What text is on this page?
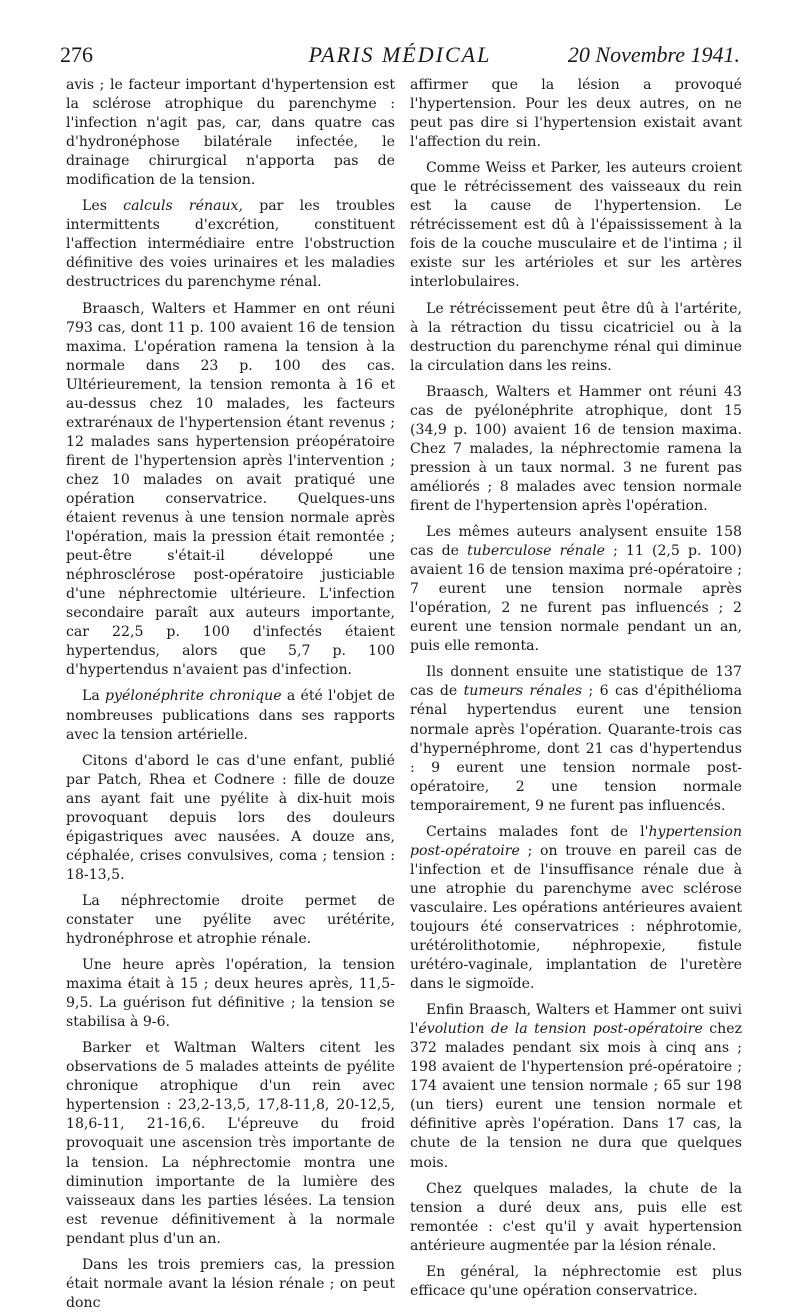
276	PARIS MÉDICAL	20 Novembre 1941.

avis ; le facteur important d'hypertension est la sclérose atrophique du parenchyme : l'infection n'agit pas, car, dans quatre cas d'hydronéphose bilatérale infectée, le drainage chirurgical n'apporta pas de modification de la tension.

Les calculs rénaux, par les troubles intermittents d'excrétion, constituent l'affection intermédiaire entre l'obstruction définitive des voies urinaires et les maladies destructrices du parenchyme rénal.

Braasch, Walters et Hammer en ont réuni 793 cas, dont 11 p. 100 avaient 16 de tension maxima. L'opération ramena la tension à la normale dans 23 p. 100 des cas. Ultérieurement, la tension remonta à 16 et au-dessus chez 10 malades, les facteurs extrarénaux de l'hypertension étant revenus ; 12 malades sans hypertension préopératoire firent de l'hypertension après l'intervention ; chez 10 malades on avait pratiqué une opération conservatrice. Quelques-uns étaient revenus à une tension normale après l'opération, mais la pression était remontée ; peut-être s'était-il développé une néphrosclérose post-opératoire justiciable d'une néphrectomie ultérieure. L'infection secondaire paraît aux auteurs importante, car 22,5 p. 100 d'infectés étaient hypertendus, alors que 5,7 p. 100 d'hypertendus n'avaient pas d'infection.

La pyélonéphrite chronique a été l'objet de nombreuses publications dans ses rapports avec la tension artérielle.

Citons d'abord le cas d'une enfant, publié par Patch, Rhea et Codnere : fille de douze ans ayant fait une pyélite à dix-huit mois provoquant depuis lors des douleurs épigastriques avec nausées. A douze ans, céphalée, crises convulsives, coma ; tension : 18-13,5.

La néphrectomie droite permet de constater une pyélite avec urétérite, hydronéphrose et atrophie rénale.

Une heure après l'opération, la tension maxima était à 15 ; deux heures après, 11,5-9,5. La guérison fut définitive ; la tension se stabilisa à 9-6.

Barker et Waltman Walters citent les observations de 5 malades atteints de pyélite chronique atrophique d'un rein avec hypertension : 23,2-13,5, 17,8-11,8, 20-12,5, 18,6-11, 21-16,6. L'épreuve du froid provoquait une ascension très importante de la tension. La néphrectomie montra une diminution importante de la lumière des vaisseaux dans les parties lésées. La tension est revenue définitivement à la normale pendant plus d'un an.

Dans les trois premiers cas, la pression était normale avant la lésion rénale ; on peut donc

affirmer que la lésion a provoqué l'hypertension. Pour les deux autres, on ne peut pas dire si l'hypertension existait avant l'affection du rein.

Comme Weiss et Parker, les auteurs croient que le rétrécissement des vaisseaux du rein est la cause de l'hypertension. Le rétrécissement est dû à l'épaississement à la fois de la couche musculaire et de l'intima ; il existe sur les artérioles et sur les artères interlobulaires.

Le rétrécissement peut être dû à l'artérite, à la rétraction du tissu cicatriciel ou à la destruction du parenchyme rénal qui diminue la circulation dans les reins.

Braasch, Walters et Hammer ont réuni 43 cas de pyélonéphrite atrophique, dont 15 (34,9 p. 100) avaient 16 de tension maxima. Chez 7 malades, la néphrectomie ramena la pression à un taux normal. 3 ne furent pas améliorés ; 8 malades avec tension normale firent de l'hypertension après l'opération.

Les mêmes auteurs analysent ensuite 158 cas de tuberculose rénale ; 11 (2,5 p. 100) avaient 16 de tension maxima pré-opératoire ; 7 eurent une tension normale après l'opération, 2 ne furent pas influencés ; 2 eurent une tension normale pendant un an, puis elle remonta.

Ils donnent ensuite une statistique de 137 cas de tumeurs rénales ; 6 cas d'épithélioma rénal hypertendus eurent une tension normale après l'opération. Quarante-trois cas d'hypernéphrome, dont 21 cas d'hypertendus : 9 eurent une tension normale post-opératoire, 2 une tension normale temporairement, 9 ne furent pas influencés.

Certains malades font de l'hypertension post-opératoire ; on trouve en pareil cas de l'infection et de l'insuffisance rénale due à une atrophie du parenchyme avec sclérose vasculaire. Les opérations antérieures avaient toujours été conservatrices : néphrotomie, urétérolithotomie, néphropexie, fistule urétéro-vaginale, implantation de l'uretère dans le sigmoïde.

Enfin Braasch, Walters et Hammer ont suivi l'évolution de la tension post-opératoire chez 372 malades pendant six mois à cinq ans ; 198 avaient de l'hypertension pré-opératoire ; 174 avaient une tension normale ; 65 sur 198 (un tiers) eurent une tension normale et définitive après l'opération. Dans 17 cas, la chute de la tension ne dura que quelques mois.

Chez quelques malades, la chute de la tension a duré deux ans, puis elle est remontée : c'est qu'il y avait hypertension antérieure augmentée par la lésion rénale.

En général, la néphrectomie est plus efficace qu'une opération conservatrice.
